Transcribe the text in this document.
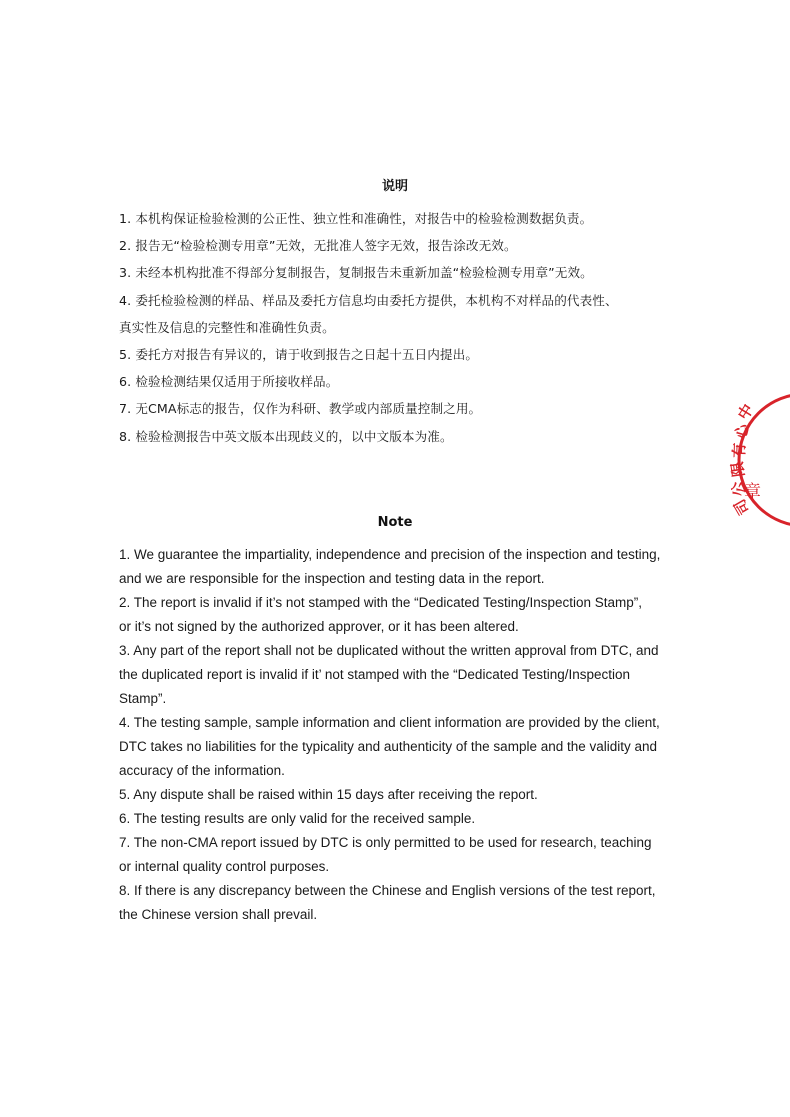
说明
1. 本机构保证检验检测的公正性、独立性和准确性，对报告中的检验检测数据负责。
2. 报告无“检验检测专用章”无效，无批准人签字无效，报告涂改无效。
3. 未经本机构批准不得部分复制报告，复制报告未重新加盖“检验检测专用章”无效。
4. 委托检验检测的样品、样品及委托方信息均由委托方提供，本机构不对样品的代表性、
真实性及信息的完整性和准确性负责。
5. 委托方对报告有异议的，请于收到报告之日起十五日内提出。
6. 检验检测结果仅适用于所接收样品。
7. 无CMA标志的报告，仅作为科研、教学或内部质量控制之用。
8. 检验检测报告中英文版本出现歧义的，以中文版本为准。
Note
1. We guarantee the impartiality, independence and precision of the inspection and testing,
and we are responsible for the inspection and testing data in the report.
2. The report is invalid if it’s not stamped with the “Dedicated Testing/Inspection Stamp”,
or it’s not signed by the authorized approver, or it has been altered.
3. Any part of the report shall not be duplicated without the written approval from DTC, and
the duplicated report is invalid if it’ not stamped with the “Dedicated Testing/Inspection
Stamp”.
4. The testing sample, sample information and client information are provided by the client,
DTC takes no liabilities for the typicality and authenticity of the sample and the validity and
accuracy of the information.
5. Any dispute shall be raised within 15 days after receiving the report.
6. The testing results are only valid for the received sample.
7. The non-CMA report issued by DTC is only permitted to be used for research, teaching
or internal quality control purposes.
8. If there is any discrepancy between the Chinese and English versions of the test report,
the Chinese version shall prevail.
中
心
有
限
公
司
章
